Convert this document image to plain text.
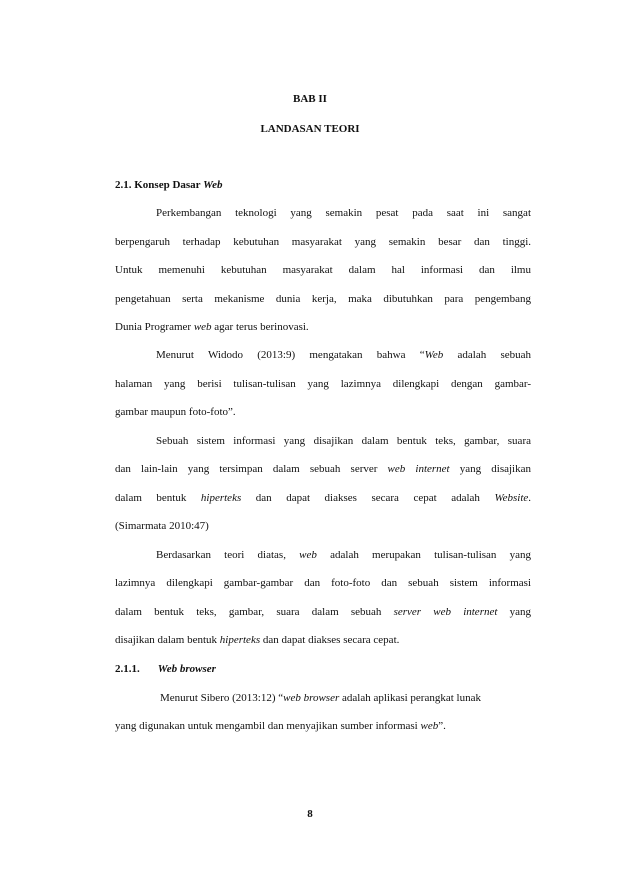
BAB II

LANDASAN TEORI

2.1. Konsep Dasar Web

Perkembangan teknologi yang semakin pesat pada saat ini sangat

berpengaruh terhadap kebutuhan masyarakat yang semakin besar dan tinggi.

Untuk memenuhi kebutuhan masyarakat dalam hal informasi dan ilmu

pengetahuan serta mekanisme dunia kerja, maka dibutuhkan para pengembang

Dunia Programer web agar terus berinovasi.

Menurut Widodo (2013:9) mengatakan bahwa “Web adalah sebuah

halaman yang berisi tulisan-tulisan yang lazimnya dilengkapi dengan gambar-

gambar maupun foto-foto”.

Sebuah sistem informasi yang disajikan dalam bentuk teks, gambar, suara

dan lain-lain yang tersimpan dalam sebuah server web internet yang disajikan

dalam bentuk hiperteks dan dapat diakses secara cepat adalah Website.

(Simarmata 2010:47)

Berdasarkan teori diatas, web adalah merupakan tulisan-tulisan yang

lazimnya dilengkapi gambar-gambar dan foto-foto dan sebuah sistem informasi

dalam bentuk teks, gambar, suara dalam sebuah server web internet yang

disajikan dalam bentuk hiperteks dan dapat diakses secara cepat.

2.1.1. Web browser

Menurut Sibero (2013:12) “web browser adalah aplikasi perangkat lunak

yang digunakan untuk mengambil dan menyajikan sumber informasi web”.

8
